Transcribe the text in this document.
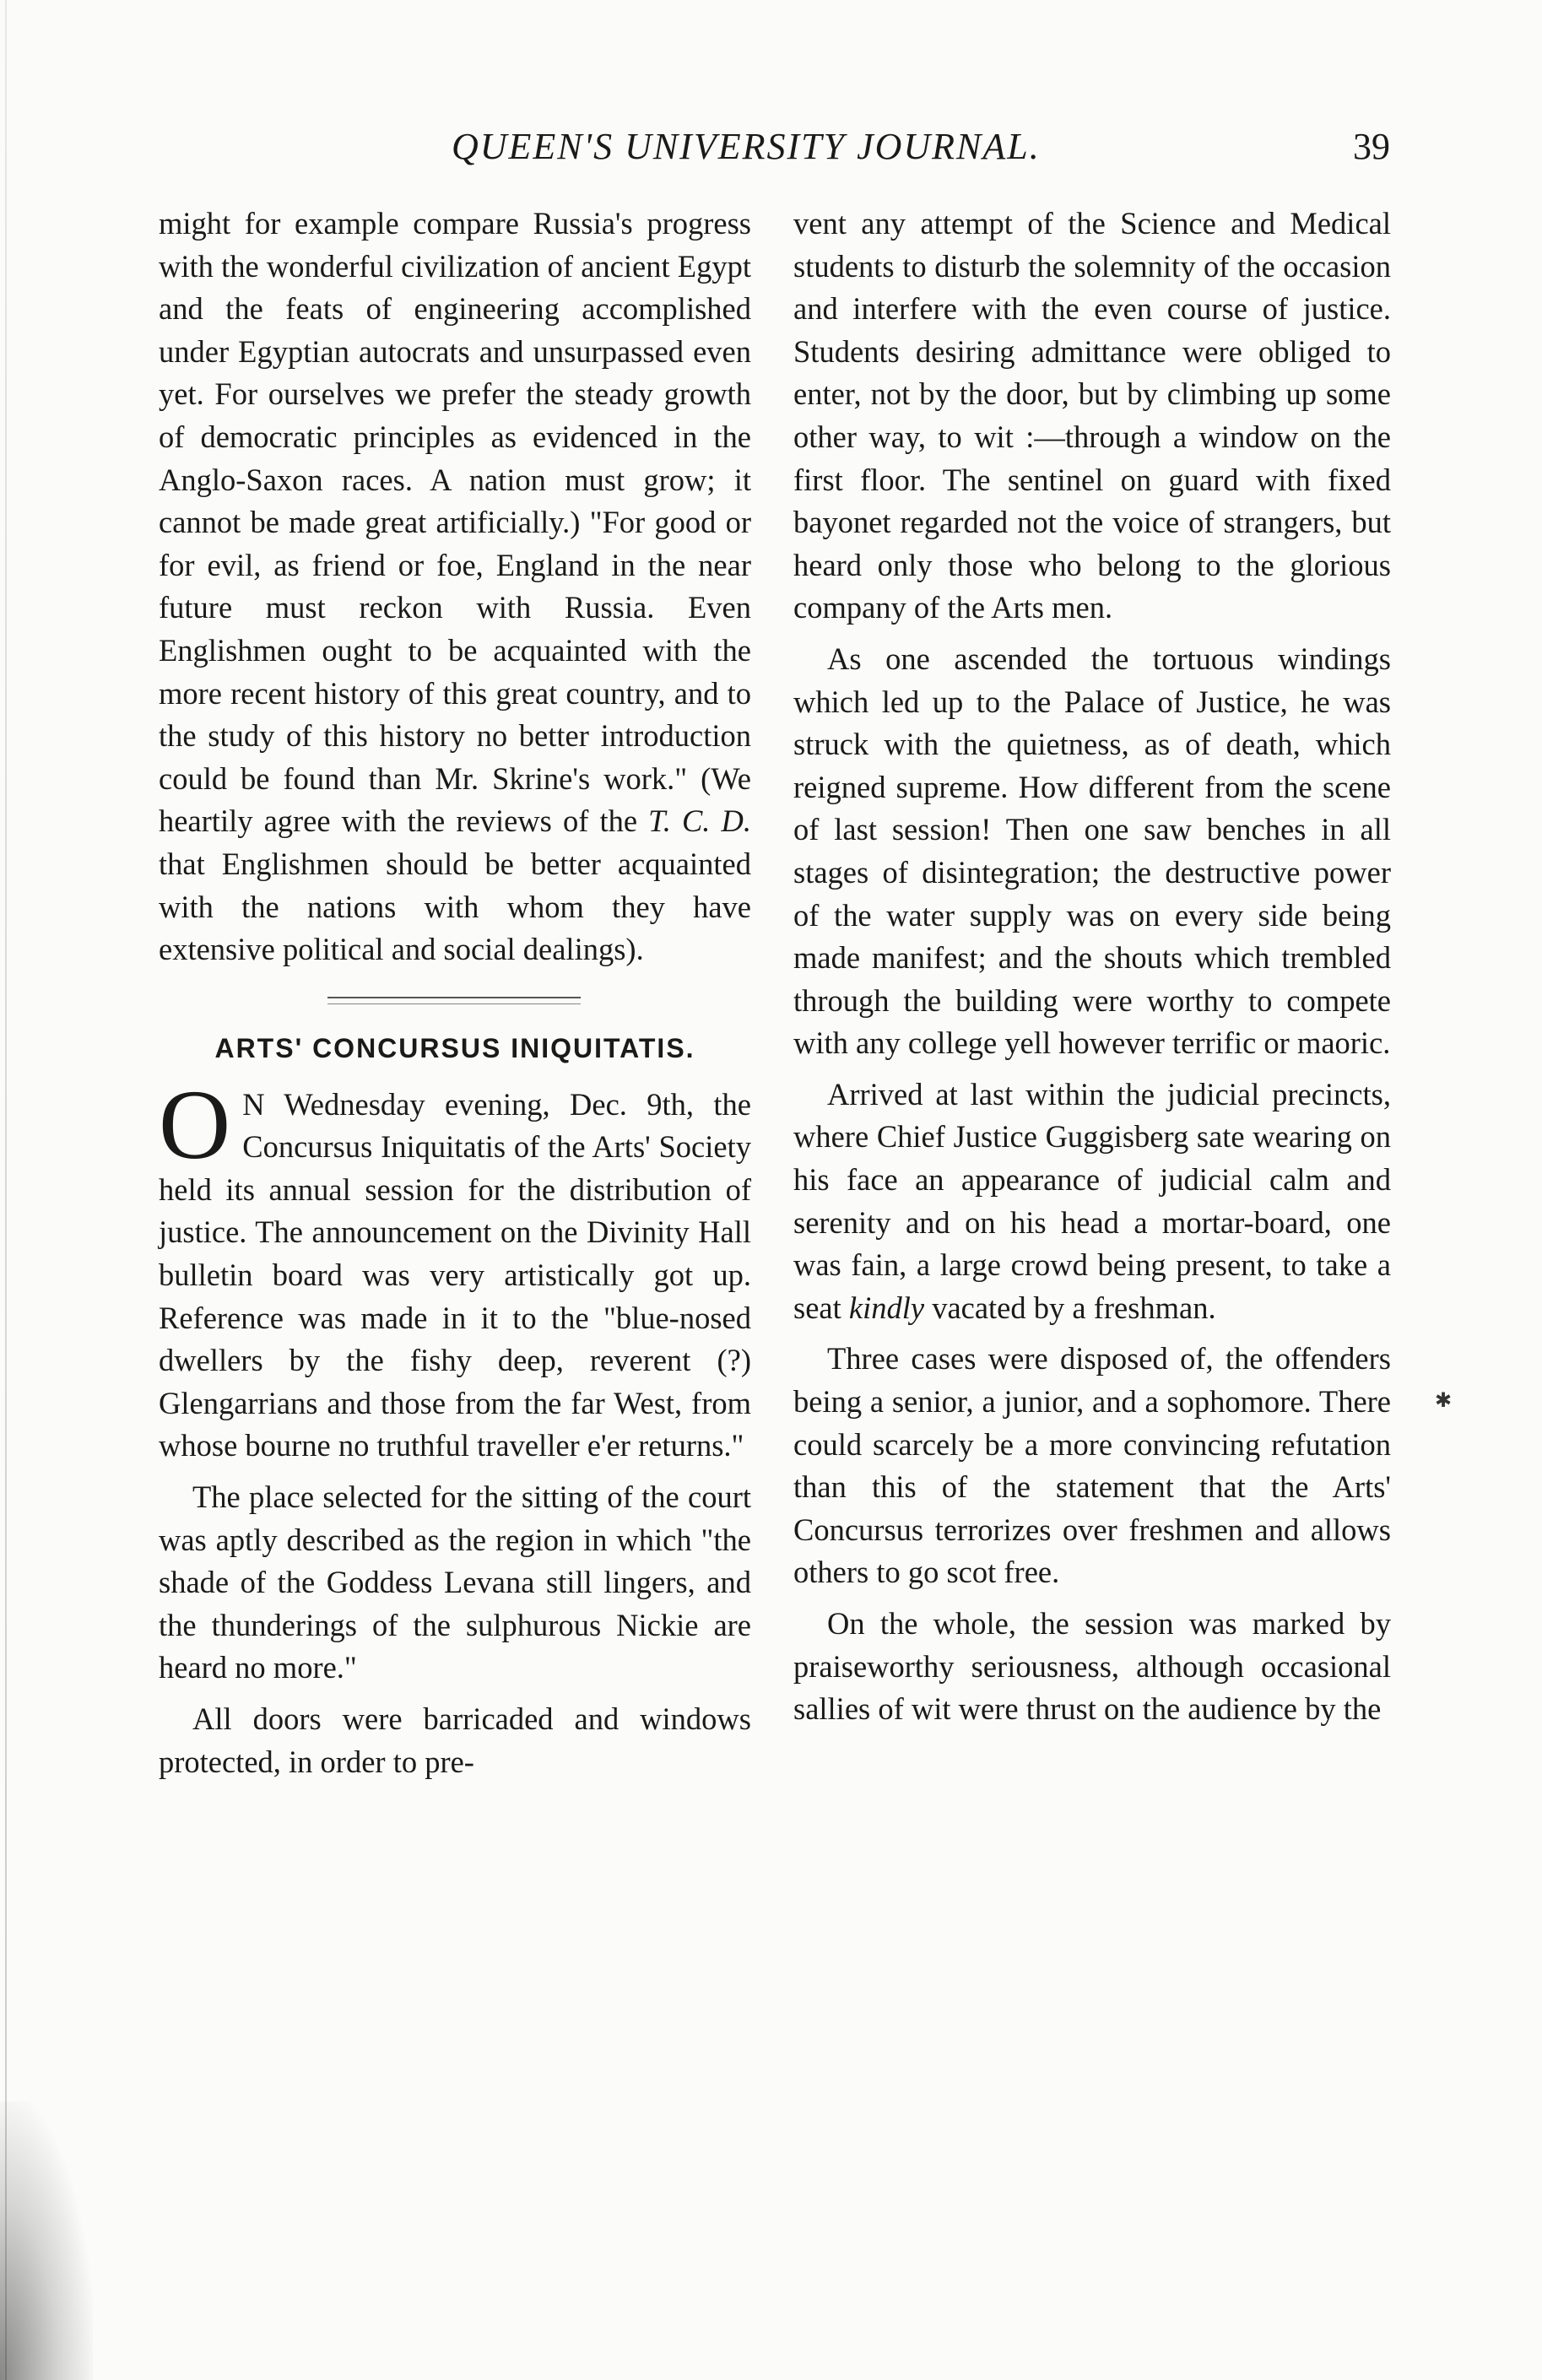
✱
QUEEN'S UNIVERSITY JOURNAL.	39

might for example compare Russia's progress with the wonderful civilization of ancient Egypt and the feats of engineering accomplished under Egyptian autocrats and unsurpassed even yet. For ourselves we prefer the steady growth of democratic principles as evidenced in the Anglo-Saxon races. A nation must grow; it cannot be made great artificially.) "For good or for evil, as friend or foe, England in the near future must reckon with Russia. Even Englishmen ought to be acquainted with the more recent history of this great country, and to the study of this history no better introduction could be found than Mr. Skrine's work." (We heartily agree with the reviews of the T. C. D. that Englishmen should be better acquainted with the nations with whom they have extensive political and social dealings).

ARTS' CONCURSUS INIQUITATIS.

O N Wednesday evening, Dec. 9th, the Concursus Iniquitatis of the Arts' Society held its annual session for the distribution of justice. The announcement on the Divinity Hall bulletin board was very artistically got up. Reference was made in it to the "blue-nosed dwellers by the fishy deep, reverent (?) Glengarrians and those from the far West, from whose bourne no truthful traveller e'er returns."

The place selected for the sitting of the court was aptly described as the region in which "the shade of the Goddess Levana still lingers, and the thunderings of the sulphurous Nickie are heard no more."

All doors were barricaded and windows protected, in order to pre-

vent any attempt of the Science and Medical students to disturb the solemnity of the occasion and interfere with the even course of justice. Students desiring admittance were obliged to enter, not by the door, but by climbing up some other way, to wit :—through a window on the first floor. The sentinel on guard with fixed bayonet regarded not the voice of strangers, but heard only those who belong to the glorious company of the Arts men.

As one ascended the tortuous windings which led up to the Palace of Justice, he was struck with the quietness, as of death, which reigned supreme. How different from the scene of last session! Then one saw benches in all stages of disintegration; the destructive power of the water supply was on every side being made manifest; and the shouts which trembled through the building were worthy to compete with any college yell however terrific or maoric.

Arrived at last within the judicial precincts, where Chief Justice Guggisberg sate wearing on his face an appearance of judicial calm and serenity and on his head a mortar-board, one was fain, a large crowd being present, to take a seat kindly vacated by a freshman.

Three cases were disposed of, the offenders being a senior, a junior, and a sophomore. There could scarcely be a more convincing refutation than this of the statement that the Arts' Concursus terrorizes over freshmen and allows others to go scot free.

On the whole, the session was marked by praiseworthy seriousness, although occasional sallies of wit were thrust on the audience by the
